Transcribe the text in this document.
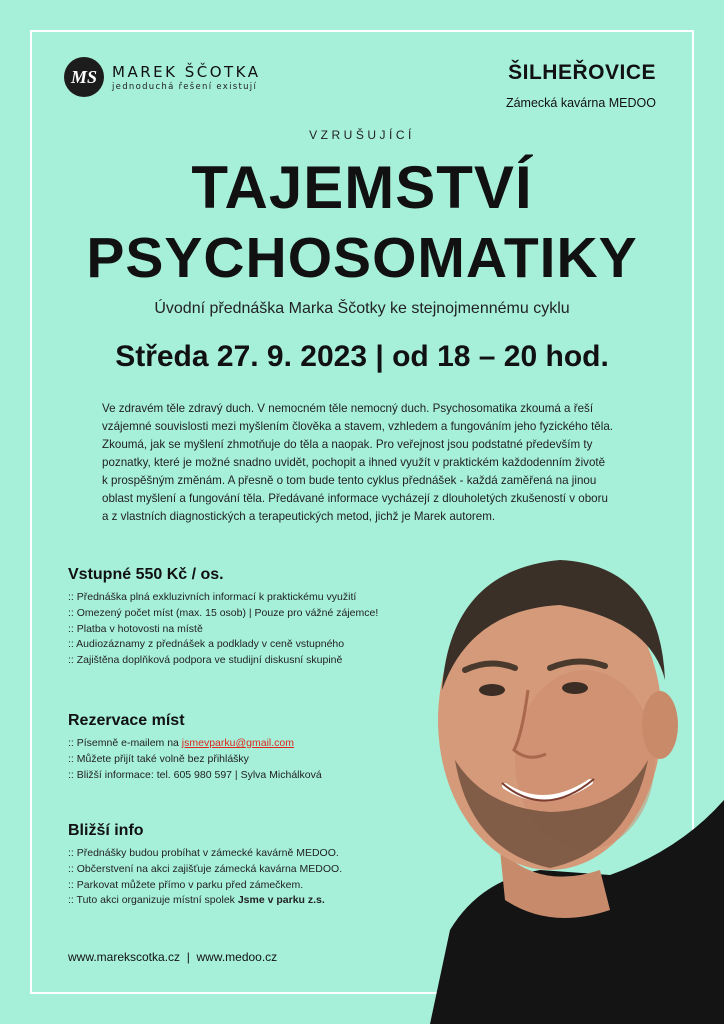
MS	MAREK ŠČOTKA
jednoduchá řešení existují
ŠILHEŘOVICE
Zámecká kavárna MEDOO
VZRUŠUJÍCÍ
TAJEMSTVÍ
PSYCHOSOMATIKY
Úvodní přednáška Marka Ščotky ke stejnojmennému cyklu
Středa 27. 9. 2023 | od 18 – 20 hod.
Ve zdravém těle zdravý duch. V nemocném těle nemocný duch. Psychosomatika zkoumá a řeší
vzájemné souvislosti mezi myšlením člověka a stavem, vzhledem a fungováním jeho fyzického těla.
Zkoumá, jak se myšlení zhmotňuje do těla a naopak. Pro veřejnost jsou podstatné především ty
poznatky, které je možné snadno uvidět, pochopit a ihned využít v praktickém každodenním životě
k prospěšným změnám. A přesně o tom bude tento cyklus přednášek - každá zaměřená na jinou
oblast myšlení a fungování těla. Předávané informace vycházejí z dlouholetých zkušeností v oboru
a z vlastních diagnostických a terapeutických metod, jichž je Marek autorem.
Vstupné 550 Kč / os.
:: Přednáška plná exkluzivních informací k praktickému využití
:: Omezený počet míst (max. 15 osob) | Pouze pro vážné zájemce!
:: Platba v hotovosti na místě
:: Audiozáznamy z přednášek a podklady v ceně vstupného
:: Zajištěna doplňková podpora ve studijní diskusní skupině
Rezervace míst
:: Písemně e-mailem na jsmevparku@gmail.com
:: Můžete přijít také volně bez přihlášky
:: Bližší informace: tel. 605 980 597 | Sylva Michálková
Bližší info
:: Přednášky budou probíhat v zámecké kavárně MEDOO.
:: Občerstvení na akci zajišťuje zámecká kavárna MEDOO.
:: Parkovat můžete přímo v parku před zámečkem.
:: Tuto akci organizuje místní spolek Jsme v parku z.s.
www.marekscotka.cz  |  www.medoo.cz
